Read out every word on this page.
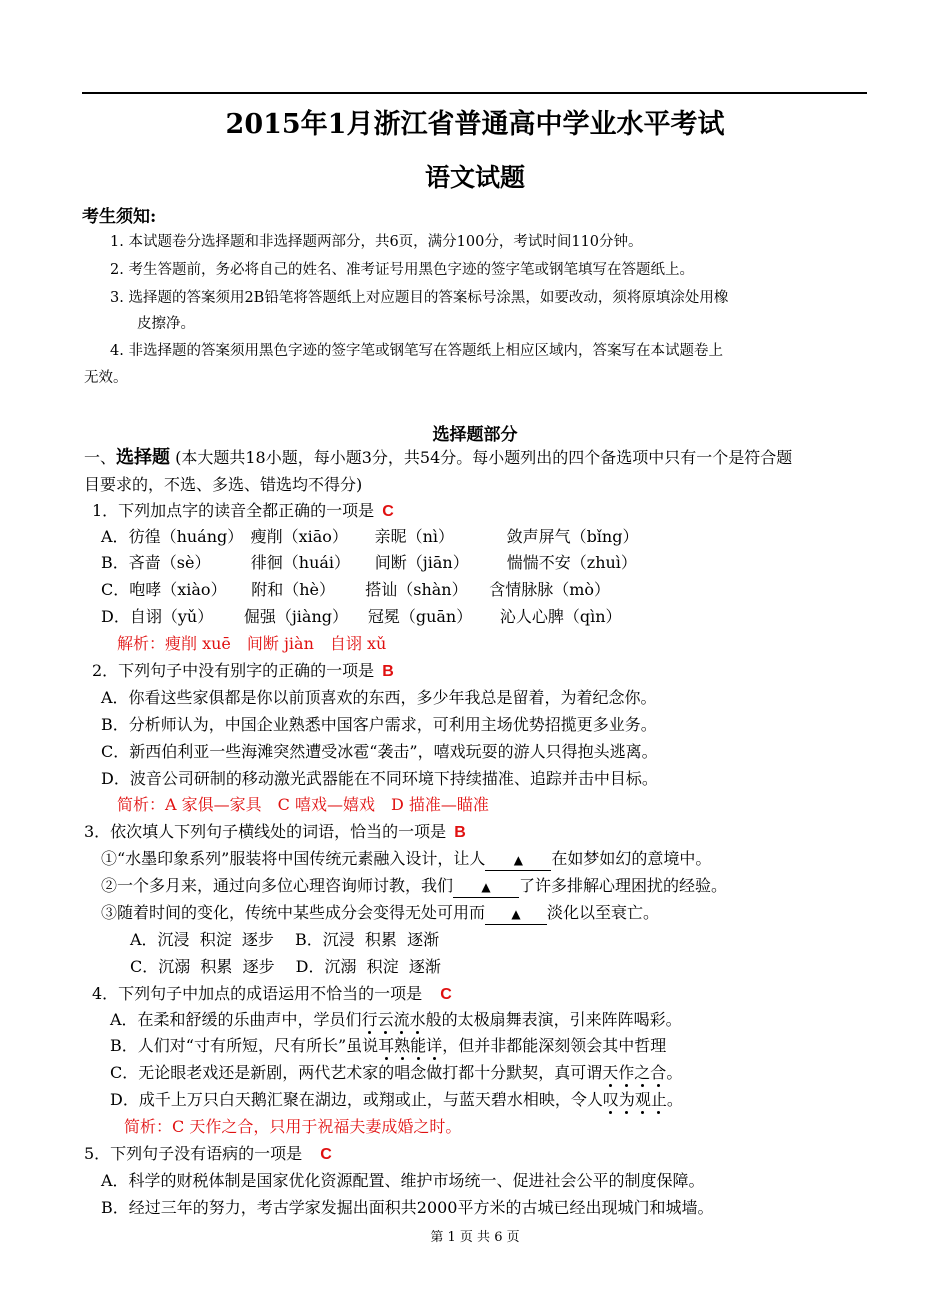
2015年1月浙江省普通高中学业水平考试
语文试题
考生须知:
1. 本试题卷分选择题和非选择题两部分，共6页，满分100分，考试时间110分钟。
2. 考生答题前，务必将自己的姓名、准考证号用黑色字迹的签字笔或钢笔填写在答题纸上。
3. 选择题的答案须用2B铅笔将答题纸上对应题目的答案标号涂黑，如要改动，须将原填涂处用橡
皮擦净。
4. 非选择题的答案须用黑色字迹的签字笔或钢笔写在答题纸上相应区域内，答案写在本试题卷上
无效。
选择题部分
一、选择题 (本大题共18小题，每小题3分，共54分。每小题列出的四个备选项中只有一个是符合题
目要求的，不选、多选、错选均不得分)
1．下列加点字的读音全都正确的一项是 C
A．彷徨（huáng） 瘦削（xiāo） 亲昵（nì）	敛声屏气（bǐng）
B．吝啬（sè）	徘徊（huái） 间断（jiān） 惴惴不安（zhuì）
C．咆哮（xiào） 附和（hè） 搭讪（shàn） 含情脉脉（mò）
D．自诩（yǔ） 倔强（jiàng） 冠冕（guān） 沁人心脾（qìn）
解析：瘦削 xuē　间断 jiàn　自诩 xǔ
2．下列句子中没有别字的正确的一项是 B
A．你看这些家俱都是你以前顶喜欢的东西，多少年我总是留着，为着纪念你。
B．分析师认为，中国企业熟悉中国客户需求，可利用主场优势招揽更多业务。
C．新西伯利亚一些海滩突然遭受冰雹“袭击”，嘻戏玩耍的游人只得抱头逃离。
D．波音公司研制的移动激光武器能在不同环境下持续描准、追踪并击中目标。
简析：A 家俱—家具　C 嘻戏—嬉戏　D 描准—瞄准
3．依次填人下列句子横线处的词语，恰当的一项是 B
①“水墨印象系列”服装将中国传统元素融入设计，让人 ▲ 在如梦如幻的意境中。
②一个多月来，通过向多位心理咨询师讨教，我们 ▲ 了许多排解心理困扰的经验。
③随着时间的变化，传统中某些成分会变得无处可用而 ▲ 淡化以至衰亡。
A．沉浸  积淀  逐步　 B．沉浸  积累  逐渐
C．沉溺  积累  逐步　 D．沉溺  积淀  逐渐
4．下列句子中加点的成语运用不恰当的一项是 C
A．在柔和舒缓的乐曲声中，学员们行云流水般的太极扇舞表演，引来阵阵喝彩。
B．人们对“寸有所短，尺有所长”虽说耳熟能详，但并非都能深刻领会其中哲理
C．无论眼老戏还是新剧，两代艺术家的唱念做打都十分默契，真可谓天作之合。
D．成千上万只白天鹅汇聚在湖边，或翔或止，与蓝天碧水相映，令人叹为观止。
简析：C 天作之合，只用于祝福夫妻成婚之时。
5．下列句子没有语病的一项是 C
A．科学的财税体制是国家优化资源配置、维护市场统一、促进社会公平的制度保障。
B．经过三年的努力，考古学家发掘出面积共2000平方米的古城已经出现城门和城墙。
第 1 页 共 6 页
